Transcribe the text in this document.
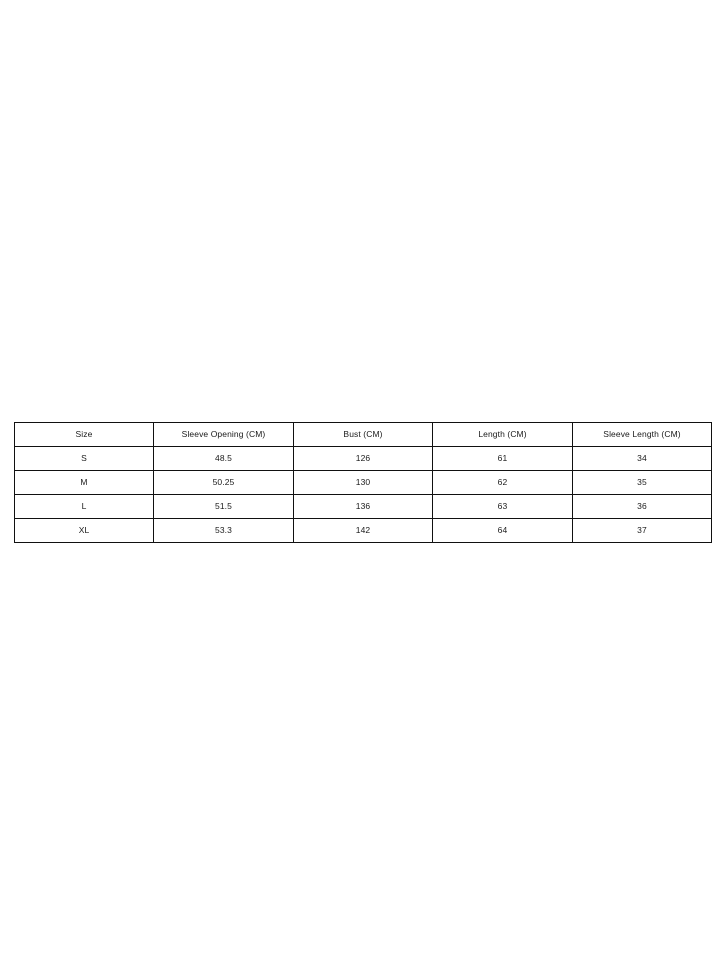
Size	Sleeve Opening (CM)	Bust (CM)	Length (CM)	Sleeve Length (CM)
S	48.5	126	61	34
M	50.25	130	62	35
L	51.5	136	63	36
XL	53.3	142	64	37
